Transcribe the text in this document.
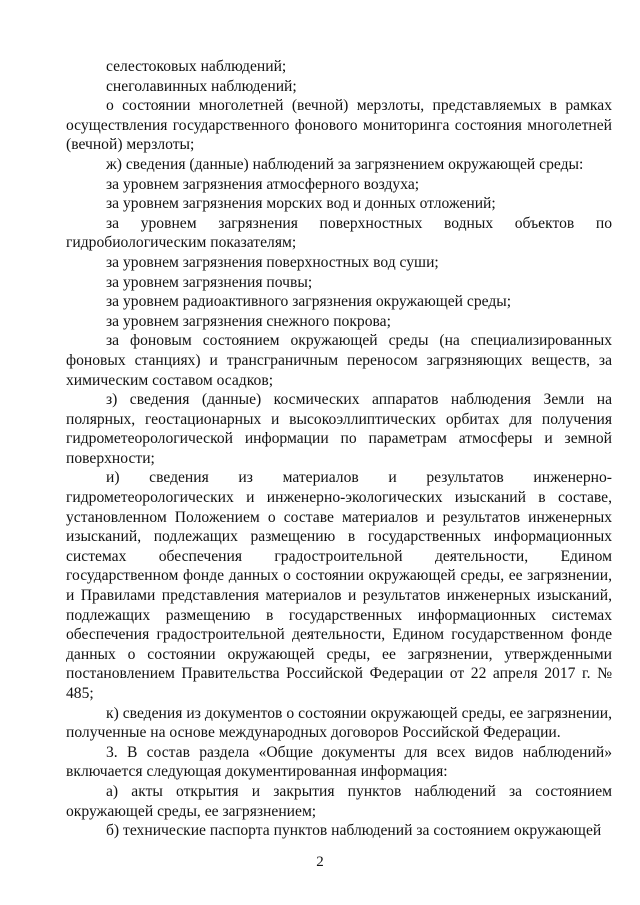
селестоковых наблюдений;

снеголавинных наблюдений;

о состоянии многолетней (вечной) мерзлоты, представляемых в рамках осуществления государственного фонового мониторинга состояния многолетней (вечной) мерзлоты;

ж) сведения (данные) наблюдений за загрязнением окружающей среды:

за уровнем загрязнения атмосферного воздуха;

за уровнем загрязнения морских вод и донных отложений;

за уровнем загрязнения поверхностных водных объектов по гидробиологическим показателям;

за уровнем загрязнения поверхностных вод суши;

за уровнем загрязнения почвы;

за уровнем радиоактивного загрязнения окружающей среды;

за уровнем загрязнения снежного покрова;

за фоновым состоянием окружающей среды (на специализированных фоновых станциях) и трансграничным переносом загрязняющих веществ, за химическим составом осадков;

з) сведения (данные) космических аппаратов наблюдения Земли на полярных, геостационарных и высокоэллиптических орбитах для получения гидрометеорологической информации по параметрам атмосферы и земной поверхности;

и) сведения из материалов и результатов инженерно-гидрометеорологических и инженерно-экологических изысканий в составе, установленном Положением о составе материалов и результатов инженерных изысканий, подлежащих размещению в государственных информационных системах обеспечения градостроительной деятельности, Едином государственном фонде данных о состоянии окружающей среды, ее загрязнении, и Правилами представления материалов и результатов инженерных изысканий, подлежащих размещению в государственных информационных системах обеспечения градостроительной деятельности, Едином государственном фонде данных о состоянии окружающей среды, ее загрязнении, утвержденными постановлением Правительства Российской Федерации от 22 апреля 2017 г. № 485;

к) сведения из документов о состоянии окружающей среды, ее загрязнении, полученные на основе международных договоров Российской Федерации.

3. В состав раздела «Общие документы для всех видов наблюдений» включается следующая документированная информация:

а) акты открытия и закрытия пунктов наблюдений за состоянием окружающей среды, ее загрязнением;

б) технические паспорта пунктов наблюдений за состоянием окружающей

2
